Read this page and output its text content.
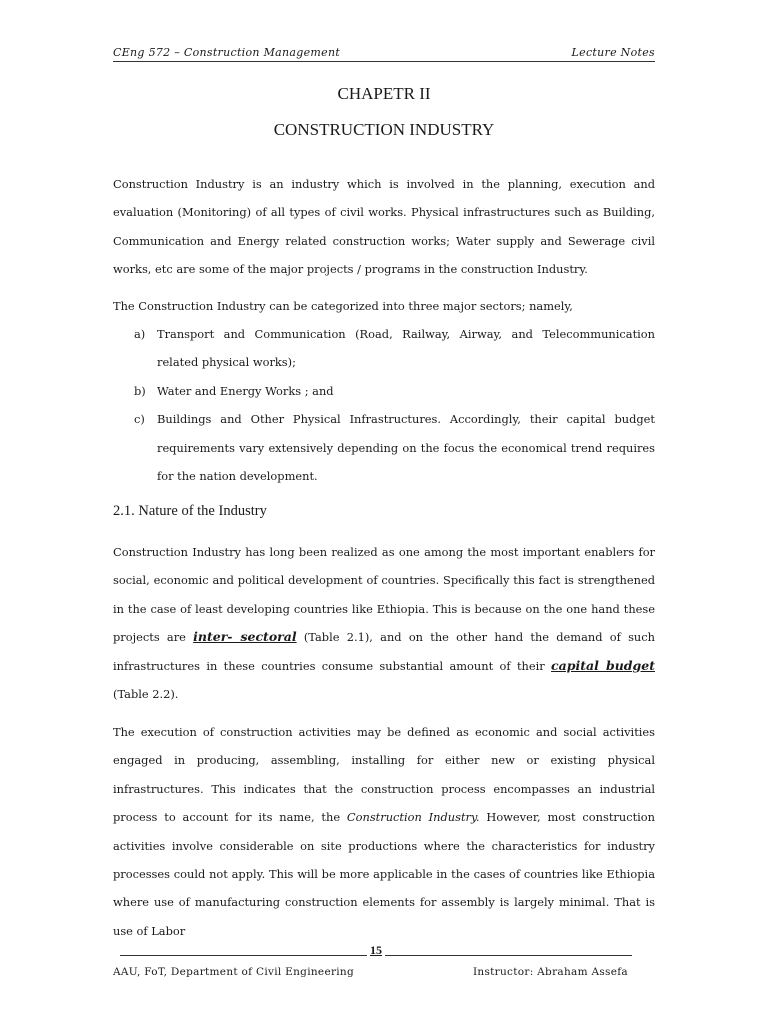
CEng 572 – Construction Management	Lecture Notes
CHAPETR II
CONSTRUCTION INDUSTRY
Construction Industry is an industry which is involved in the planning, execution and evaluation (Monitoring) of all types of civil works. Physical infrastructures such as Building, Communication and Energy related construction works; Water supply and Sewerage civil works, etc are some of the major projects / programs in the construction Industry.
The Construction Industry can be categorized into three major sectors; namely,
a)	Transport and Communication (Road, Railway, Airway, and Telecommunication related physical works);
b) Water and Energy Works ; and
c)	Buildings and Other Physical Infrastructures. Accordingly, their capital budget requirements vary extensively depending on the focus the economical trend requires for the nation development.
2.1. Nature of the Industry
Construction Industry has long been realized as one among the most important enablers for social, economic and political development of countries. Specifically this fact is strengthened in the case of least developing countries like Ethiopia. This is because on the one hand these projects are inter- sectoral (Table 2.1), and on the other hand the demand of such infrastructures in these countries consume substantial amount of their capital budget (Table 2.2).
The execution of construction activities may be defined as economic and social activities engaged in producing, assembling, installing for either new or existing physical infrastructures. This indicates that the construction process encompasses an industrial process to account for its name, the Construction Industry. However, most construction activities involve considerable on site productions where the characteristics for industry processes could not apply. This will be more applicable in the cases of countries like Ethiopia where use of manufacturing construction elements for assembly is largely minimal. That is use of Labor
15
AAU, FoT, Department of Civil Engineering	Instructor: Abraham Assefa
